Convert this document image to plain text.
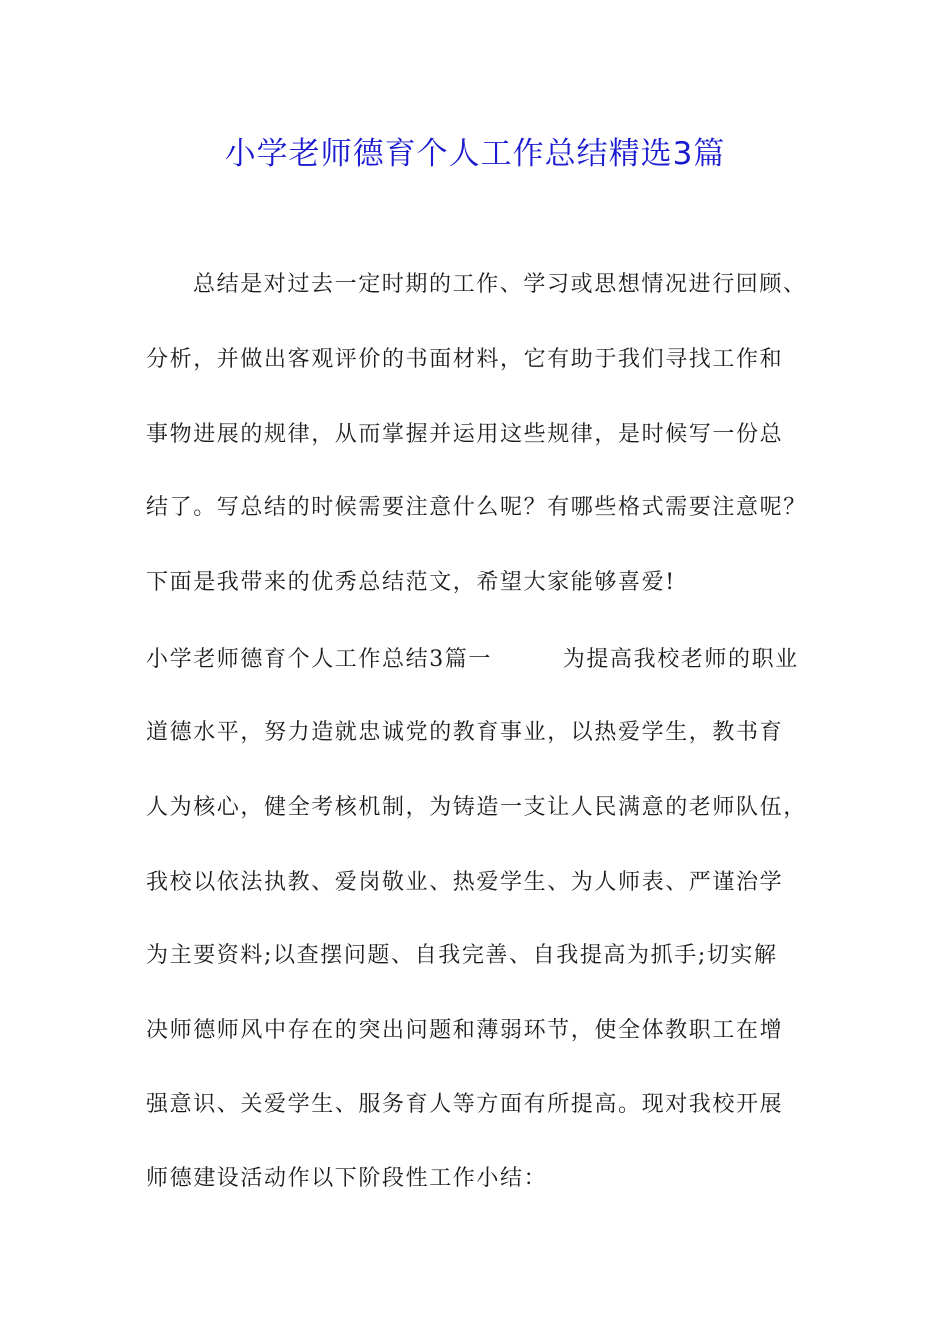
小学老师德育个人工作总结精选3篇

总结是对过去一定时期的工作、学习或思想情况进行回顾、

分析，并做出客观评价的书面材料，它有助于我们寻找工作和

事物进展的规律，从而掌握并运用这些规律，是时候写一份总

结了。写总结的时候需要注意什么呢？有哪些格式需要注意呢？

下面是我带来的优秀总结范文，希望大家能够喜爱!

小学老师德育个人工作总结3篇一　　　为提高我校老师的职业

道德水平，努力造就忠诚党的教育事业，以热爱学生，教书育

人为核心，健全考核机制，为铸造一支让人民满意的老师队伍，

我校以依法执教、爱岗敬业、热爱学生、为人师表、严谨治学

为主要资料;以查摆问题、自我完善、自我提高为抓手;切实解

决师德师风中存在的突出问题和薄弱环节，使全体教职工在增

强意识、关爱学生、服务育人等方面有所提高。现对我校开展

师德建设活动作以下阶段性工作小结：
